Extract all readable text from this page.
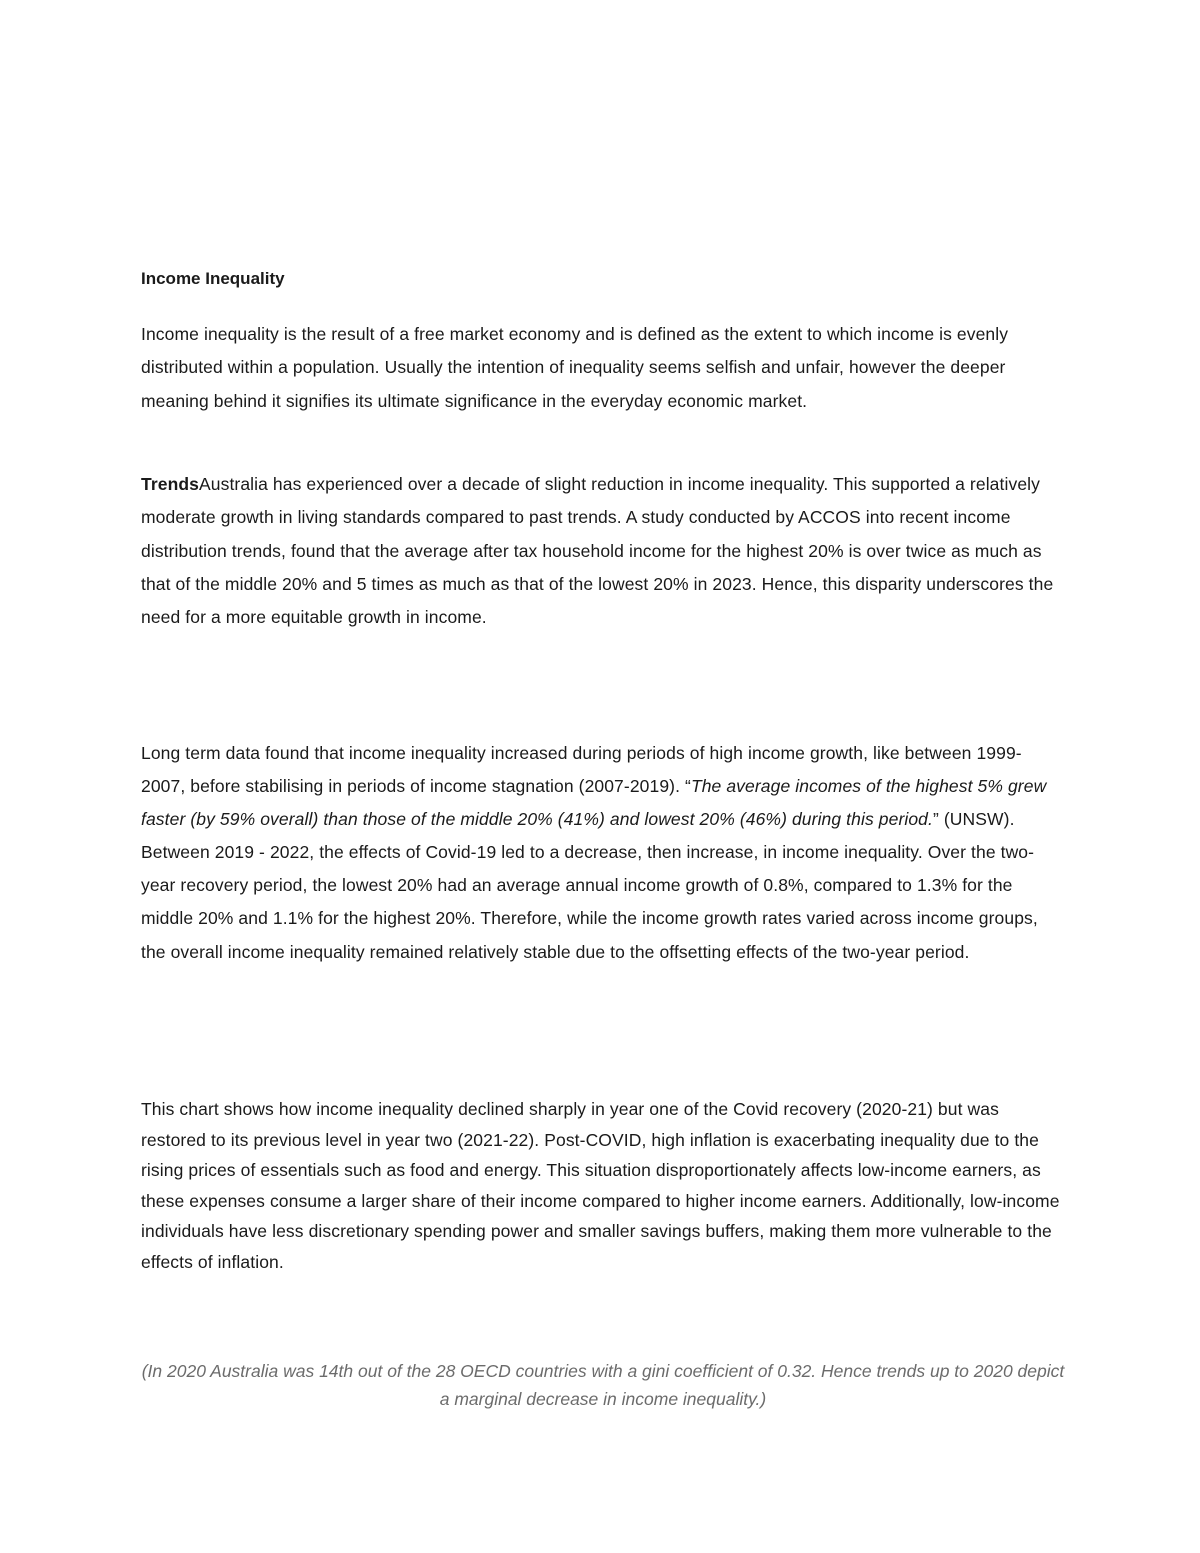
Income Inequality

Income inequality is the result of a free market economy and is defined as the extent to which income is evenly distributed within a population. Usually the intention of inequality seems selfish and unfair, however the deeper meaning behind it signifies its ultimate significance in the everyday economic market.

TrendsAustralia has experienced over a decade of slight reduction in income inequality. This supported a relatively moderate growth in living standards compared to past trends. A study conducted by ACCOS into recent income distribution trends, found that the average after tax household income for the highest 20% is over twice as much as that of the middle 20% and 5 times as much as that of the lowest 20% in 2023. Hence, this disparity underscores the need for a more equitable growth in income.

Long term data found that income inequality increased during periods of high income growth, like between 1999-2007, before stabilising in periods of income stagnation (2007-2019). “The average incomes of the highest 5% grew faster (by 59% overall) than those of the middle 20% (41%) and lowest 20% (46%) during this period.” (UNSW). Between 2019 - 2022, the effects of Covid-19 led to a decrease, then increase, in income inequality. Over the two-year recovery period, the lowest 20% had an average annual income growth of 0.8%, compared to 1.3% for the middle 20% and 1.1% for the highest 20%. Therefore, while the income growth rates varied across income groups, the overall income inequality remained relatively stable due to the offsetting effects of the two-year period.

This chart shows how income inequality declined sharply in year one of the Covid recovery (2020-21) but was restored to its previous level in year two (2021-22). Post-COVID, high inflation is exacerbating inequality due to the rising prices of essentials such as food and energy. This situation disproportionately affects low-income earners, as these expenses consume a larger share of their income compared to higher income earners. Additionally, low-income individuals have less discretionary spending power and smaller savings buffers, making them more vulnerable to the effects of inflation.

(In 2020 Australia was 14th out of the 28 OECD countries with a gini coefficient of 0.32. Hence trends up to 2020 depict a marginal decrease in income inequality.)
